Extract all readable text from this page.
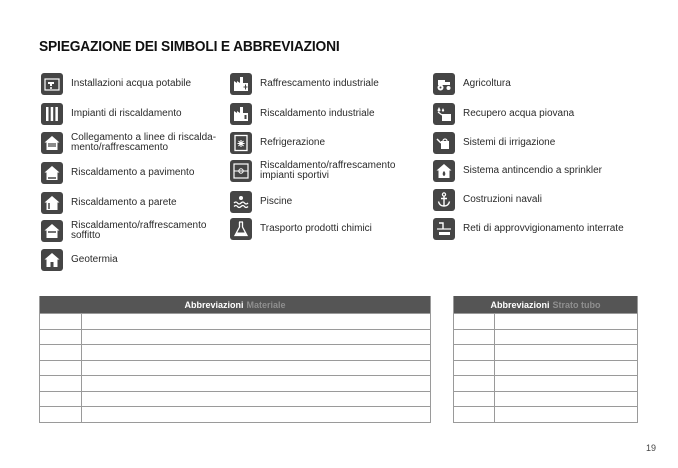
SPIEGAZIONE DEI SIMBOLI E ABBREVIAZIONI
Installazioni acqua potabile
Impianti di riscaldamento
Collegamento a linee di riscalda-
mento/raffrescamento
Riscaldamento a pavimento
Riscaldamento a parete
Riscaldamento/raffrescamento
soffitto
Geotermia
Raffrescamento industriale
Riscaldamento industriale
Refrigerazione
Riscaldamento/raffrescamento
impianti sportivi
Piscine
Trasporto prodotti chimici
Agricoltura
Recupero acqua piovana
Sistemi di irrigazione
Sistema antincendio a sprinkler
Costruzioni navali
Reti di approvvigionamento interrate
Abbreviazioni Materiale	Abbreviazioni Strato tubo
19
